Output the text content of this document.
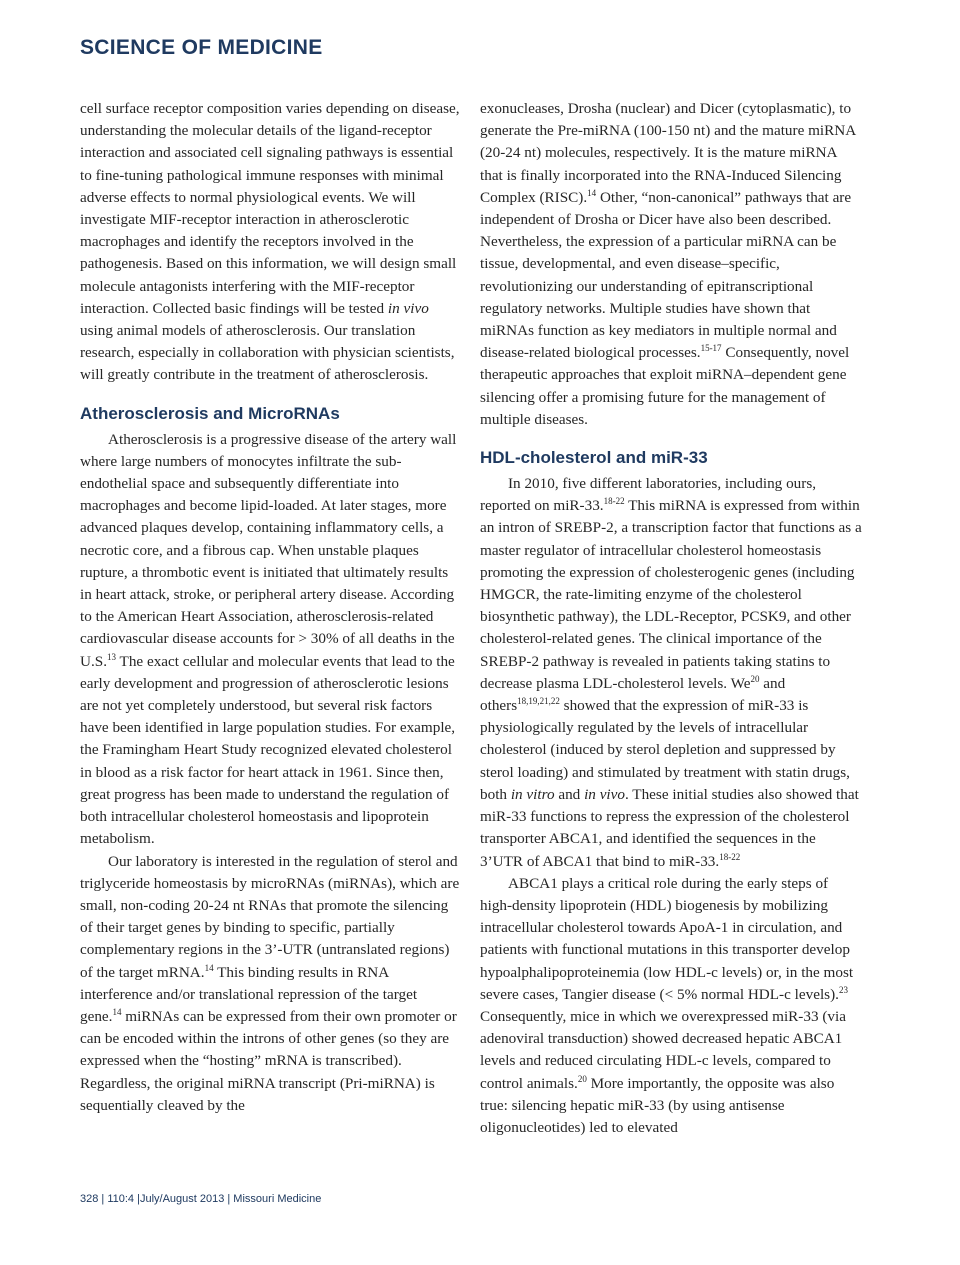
SCIENCE OF MEDICINE

cell surface receptor composition varies depending on disease, understanding the molecular details of the ligand-receptor interaction and associated cell signaling pathways is essential to fine-tuning pathological immune responses with minimal adverse effects to normal physiological events. We will investigate MIF-receptor interaction in atherosclerotic macrophages and identify the receptors involved in the pathogenesis. Based on this information, we will design small molecule antagonists interfering with the MIF-receptor interaction. Collected basic findings will be tested in vivo using animal models of atherosclerosis. Our translation research, especially in collaboration with physician scientists, will greatly contribute in the treatment of atherosclerosis.

Atherosclerosis and MicroRNAs

Atherosclerosis is a progressive disease of the artery wall where large numbers of monocytes infiltrate the sub-endothelial space and subsequently differentiate into macrophages and become lipid-loaded. At later stages, more advanced plaques develop, containing inflammatory cells, a necrotic core, and a fibrous cap. When unstable plaques rupture, a thrombotic event is initiated that ultimately results in heart attack, stroke, or peripheral artery disease. According to the American Heart Association, atherosclerosis-related cardiovascular disease accounts for > 30% of all deaths in the U.S.$^{13}$ The exact cellular and molecular events that lead to the early development and progression of atherosclerotic lesions are not yet completely understood, but several risk factors have been identified in large population studies. For example, the Framingham Heart Study recognized elevated cholesterol in blood as a risk factor for heart attack in 1961. Since then, great progress has been made to understand the regulation of both intracellular cholesterol homeostasis and lipoprotein metabolism.

Our laboratory is interested in the regulation of sterol and triglyceride homeostasis by microRNAs (miRNAs), which are small, non-coding 20-24 nt RNAs that promote the silencing of their target genes by binding to specific, partially complementary regions in the 3’-UTR (untranslated regions) of the target mRNA.$^{14}$ This binding results in RNA interference and/or translational repression of the target gene.$^{14}$ miRNAs can be expressed from their own promoter or can be encoded within the introns of other genes (so they are expressed when the “hosting” mRNA is transcribed). Regardless, the original miRNA transcript (Pri-miRNA) is sequentially cleaved by the

exonucleases, Drosha (nuclear) and Dicer (cytoplasmatic), to generate the Pre-miRNA (100-150 nt) and the mature miRNA (20-24 nt) molecules, respectively. It is the mature miRNA that is finally incorporated into the RNA-Induced Silencing Complex (RISC).$^{14}$ Other, “non-canonical” pathways that are independent of Drosha or Dicer have also been described. Nevertheless, the expression of a particular miRNA can be tissue, developmental, and even disease–specific, revolutionizing our understanding of epitranscriptional regulatory networks. Multiple studies have shown that miRNAs function as key mediators in multiple normal and disease-related biological processes.$^{15-17}$ Consequently, novel therapeutic approaches that exploit miRNA–dependent gene silencing offer a promising future for the management of multiple diseases.

HDL-cholesterol and miR-33

In 2010, five different laboratories, including ours, reported on miR-33.$^{18-22}$ This miRNA is expressed from within an intron of SREBP-2, a transcription factor that functions as a master regulator of intracellular cholesterol homeostasis promoting the expression of cholesterogenic genes (including HMGCR, the rate-limiting enzyme of the cholesterol biosynthetic pathway), the LDL-Receptor, PCSK9, and other cholesterol-related genes. The clinical importance of the SREBP-2 pathway is revealed in patients taking statins to decrease plasma LDL-cholesterol levels. We$^{20}$ and others$^{18,19,21,22}$ showed that the expression of miR-33 is physiologically regulated by the levels of intracellular cholesterol (induced by sterol depletion and suppressed by sterol loading) and stimulated by treatment with statin drugs, both in vitro and in vivo. These initial studies also showed that miR-33 functions to repress the expression of the cholesterol transporter ABCA1, and identified the sequences in the 3’UTR of ABCA1 that bind to miR-33.$^{18-22}$

ABCA1 plays a critical role during the early steps of high-density lipoprotein (HDL) biogenesis by mobilizing intracellular cholesterol towards ApoA-1 in circulation, and patients with functional mutations in this transporter develop hypoalphalipoproteinemia (low HDL-c levels) or, in the most severe cases, Tangier disease (< 5% normal HDL-c levels).$^{23}$ Consequently, mice in which we overexpressed miR-33 (via adenoviral transduction) showed decreased hepatic ABCA1 levels and reduced circulating HDL-c levels, compared to control animals.$^{20}$ More importantly, the opposite was also true: silencing hepatic miR-33 (by using antisense oligonucleotides) led to elevated

328 | 110:4 |July/August 2013 | Missouri Medicine
